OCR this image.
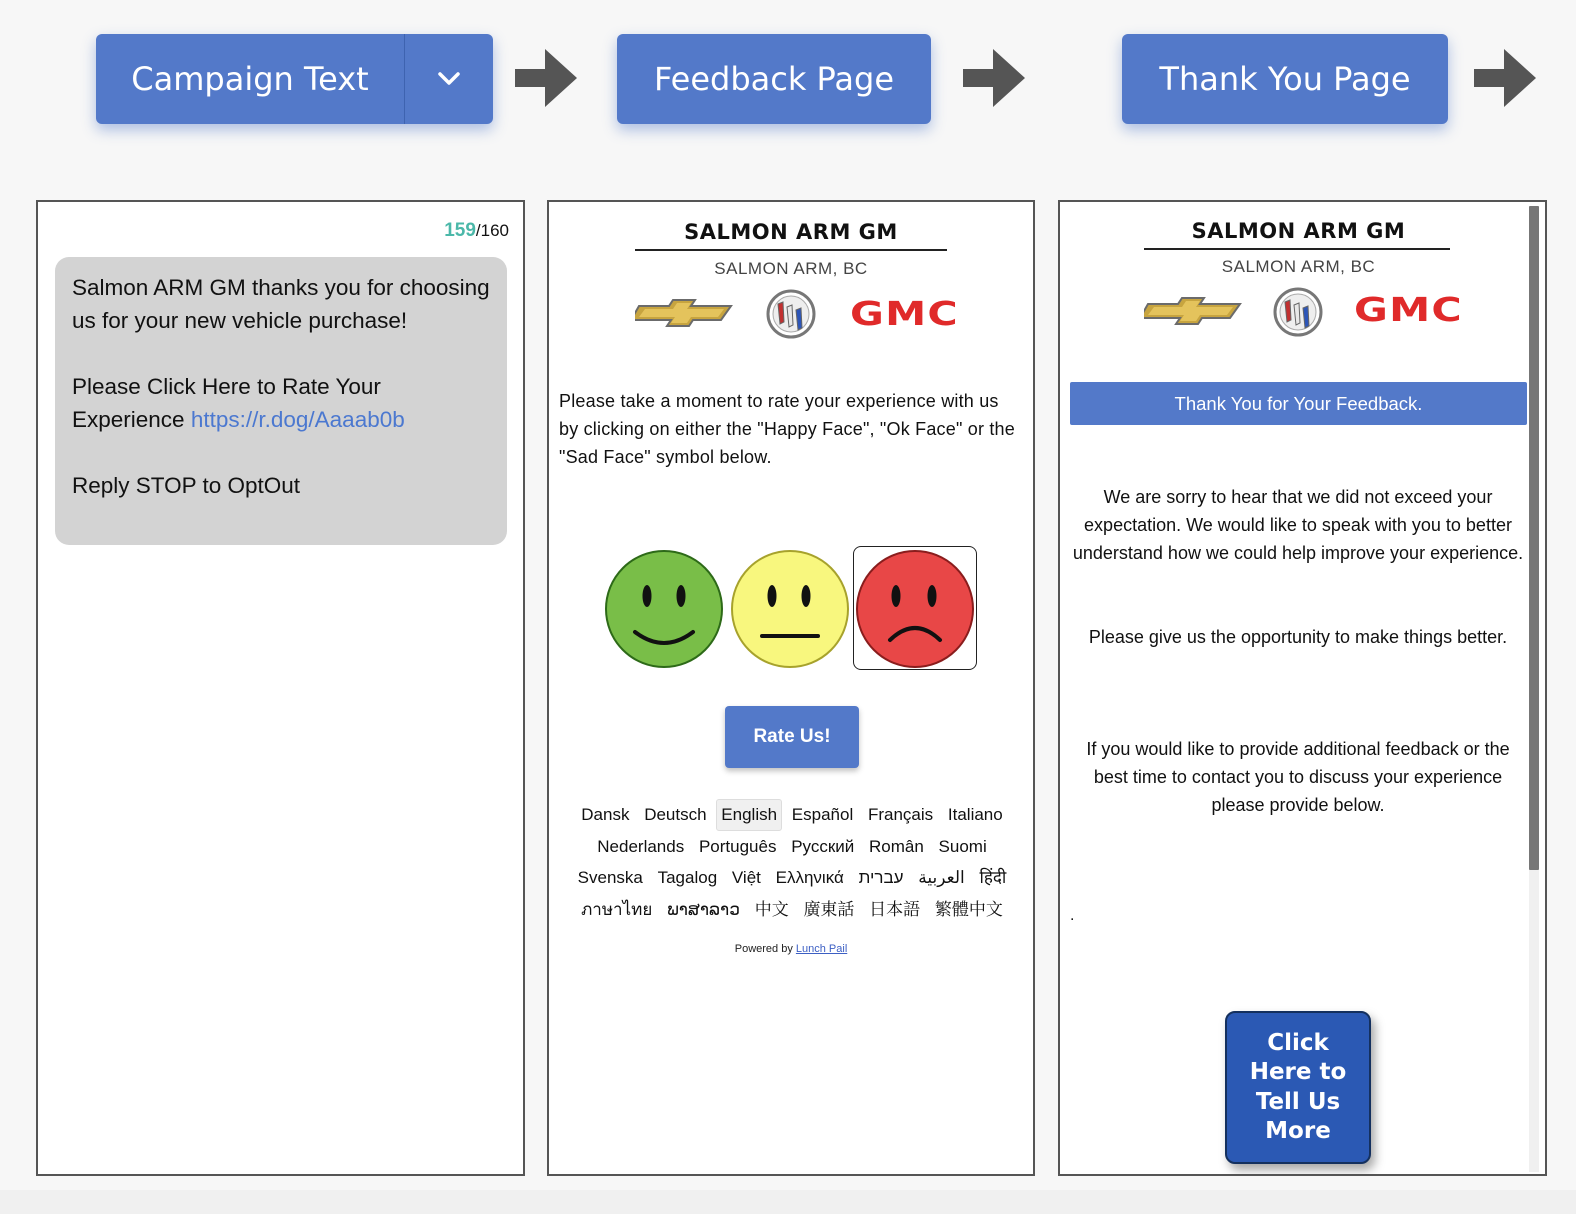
Campaign Text	Feedback Page	Thank You Page
159/160

Salmon ARM GM thanks you for choosing us for your new vehicle purchase!

Please Click Here to Rate Your Experience https://r.dog/Aaaab0b

Reply STOP to OptOut

SALMON ARM GM
SALMON ARM, BC
GMC
Please take a moment to rate your experience with us by clicking on either the "Happy Face", "Ok Face" or the "Sad Face" symbol below.
Rate Us!
Dansk Deutsch English Español Français Italiano Nederlands Português Русский Român Suomi Svenska Tagalog Việt Ελληνικά עברית العربية हिंदी ภาษาไทย ພາສາລາວ 中文 廣東話 日本語 繁體中文
Powered by Lunch Pail
SALMON ARM GM
SALMON ARM, BC
GMC
Thank You for Your Feedback.
We are sorry to hear that we did not exceed your expectation. We would like to speak with you to better understand how we could help improve your experience.
Please give us the opportunity to make things better.
If you would like to provide additional feedback or the best time to contact you to discuss your experience please provide below.
.
Click Here to Tell Us More
